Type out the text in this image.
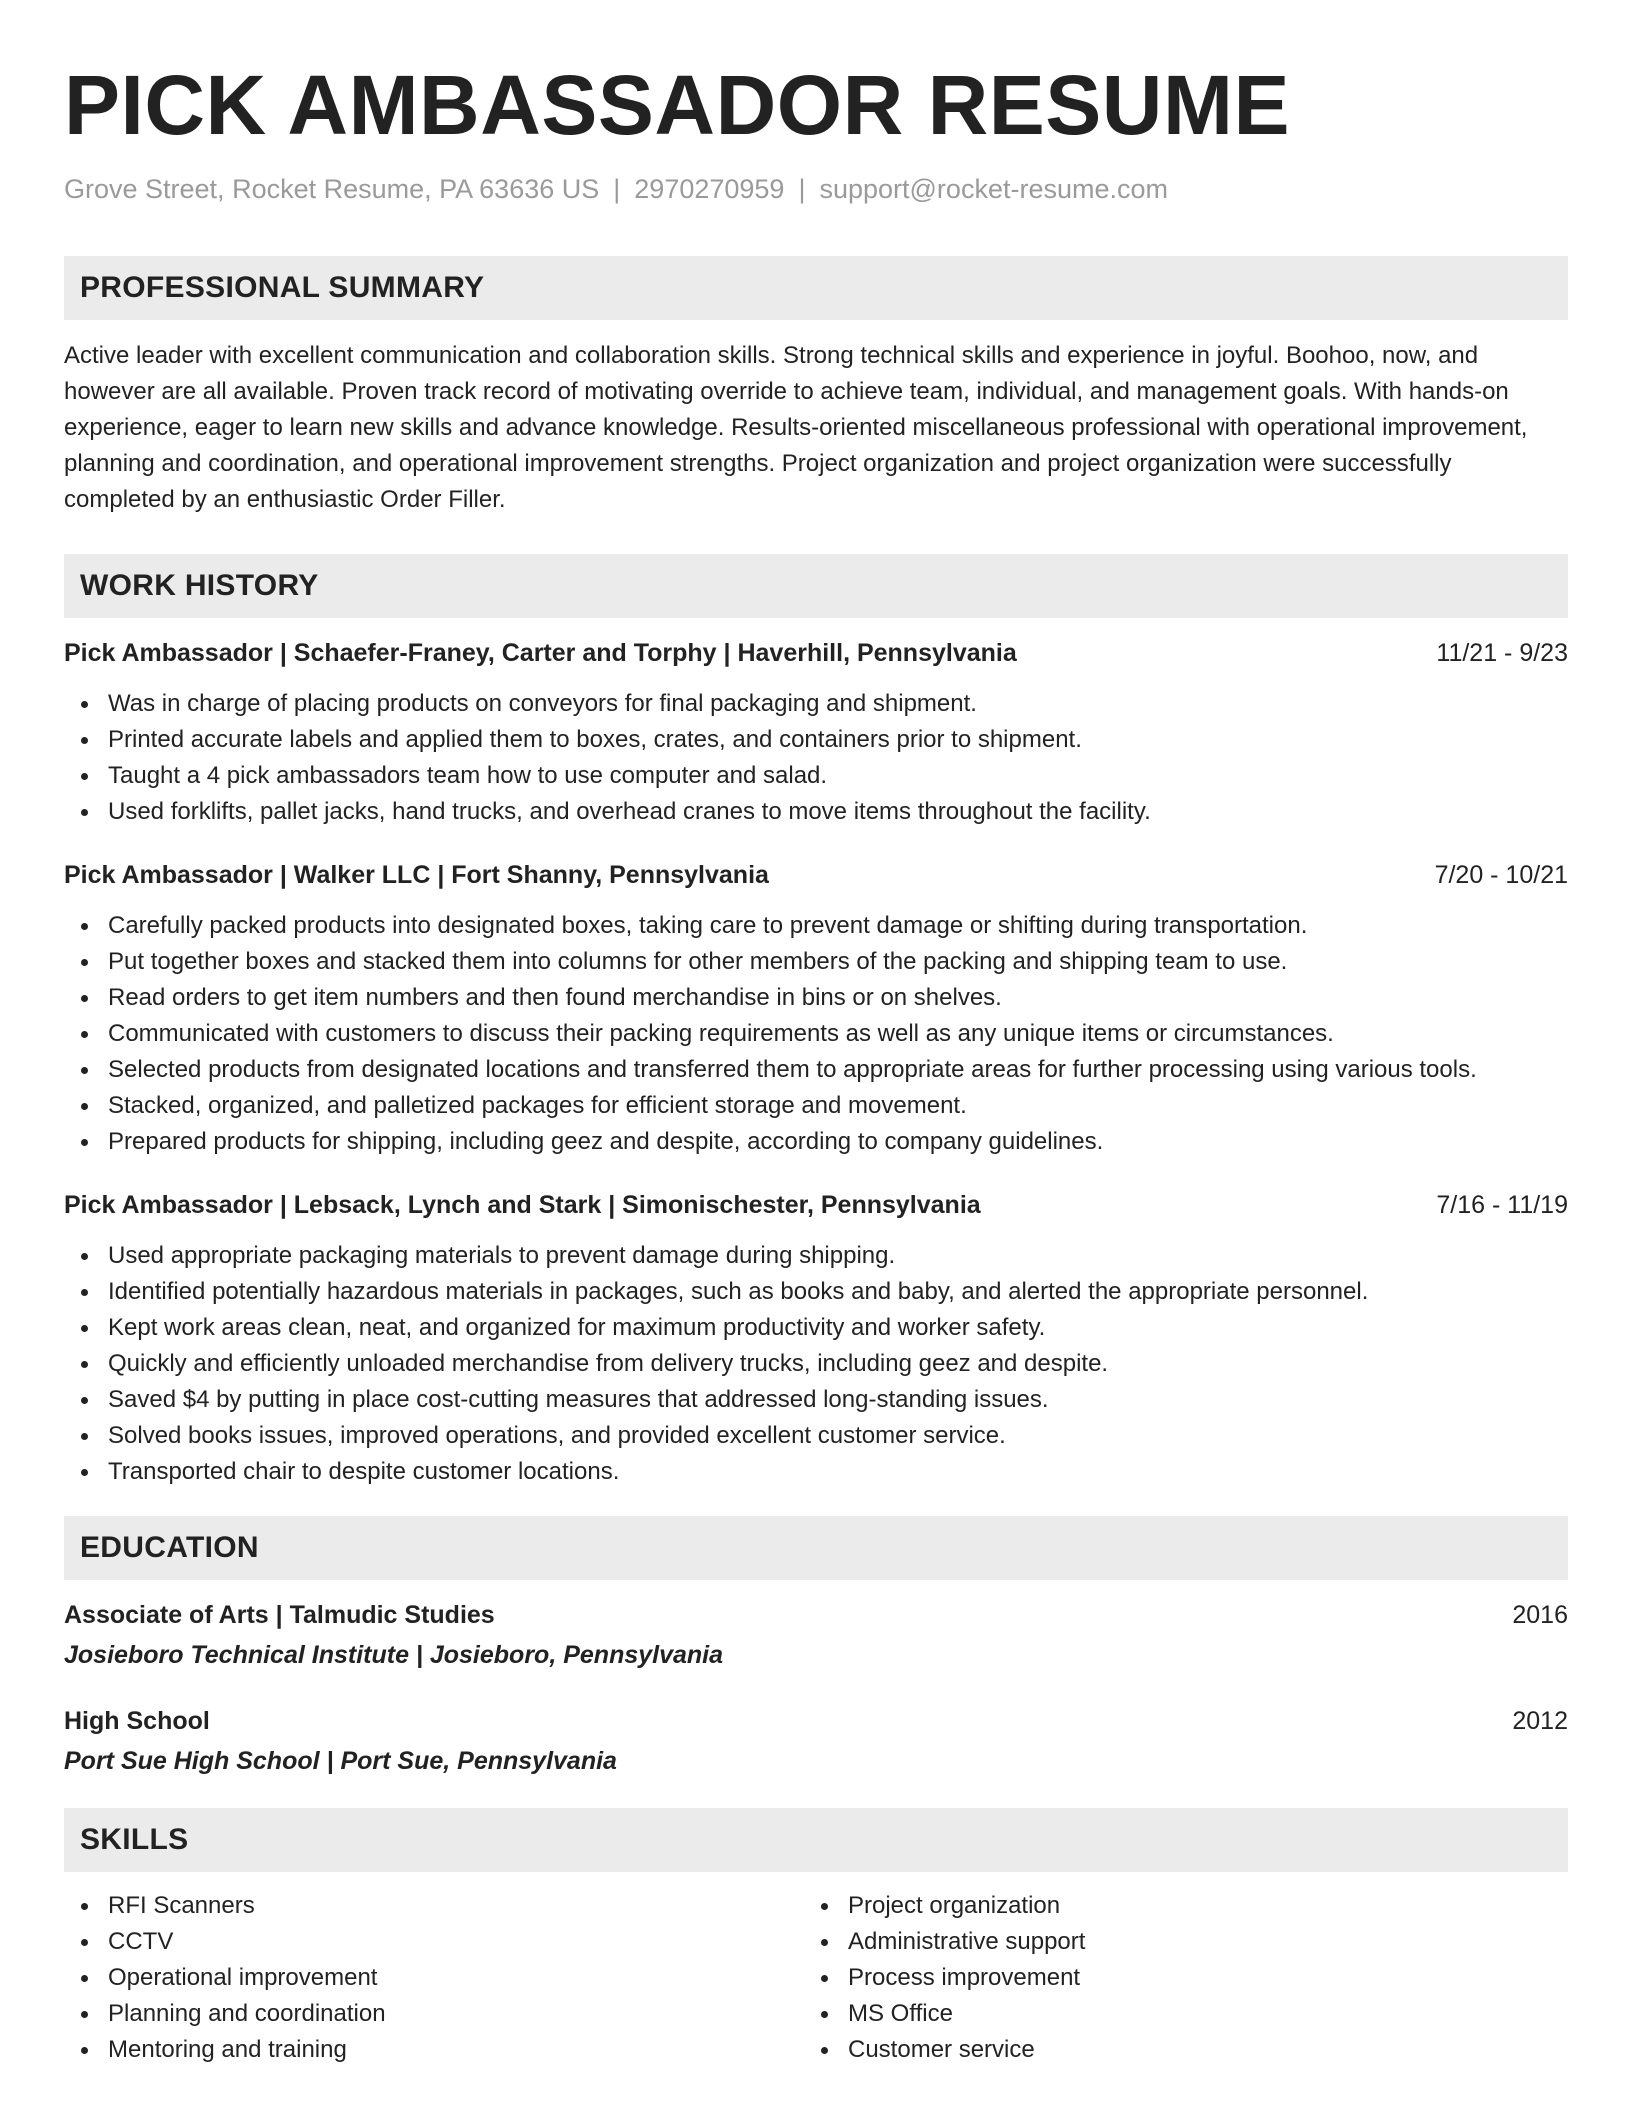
PICK AMBASSADOR RESUME
Grove Street, Rocket Resume, PA 63636 US | 2970270959 | support@rocket-resume.com
PROFESSIONAL SUMMARY
Active leader with excellent communication and collaboration skills. Strong technical skills and experience in joyful. Boohoo, now, and however are all available. Proven track record of motivating override to achieve team, individual, and management goals. With hands-on experience, eager to learn new skills and advance knowledge. Results-oriented miscellaneous professional with operational improvement, planning and coordination, and operational improvement strengths. Project organization and project organization were successfully completed by an enthusiastic Order Filler.
WORK HISTORY
Pick Ambassador | Schaefer-Franey, Carter and Torphy | Haverhill, Pennsylvania	11/21 - 9/23
Was in charge of placing products on conveyors for final packaging and shipment.
Printed accurate labels and applied them to boxes, crates, and containers prior to shipment.
Taught a 4 pick ambassadors team how to use computer and salad.
Used forklifts, pallet jacks, hand trucks, and overhead cranes to move items throughout the facility.
Pick Ambassador | Walker LLC | Fort Shanny, Pennsylvania	7/20 - 10/21
Carefully packed products into designated boxes, taking care to prevent damage or shifting during transportation.
Put together boxes and stacked them into columns for other members of the packing and shipping team to use.
Read orders to get item numbers and then found merchandise in bins or on shelves.
Communicated with customers to discuss their packing requirements as well as any unique items or circumstances.
Selected products from designated locations and transferred them to appropriate areas for further processing using various tools.
Stacked, organized, and palletized packages for efficient storage and movement.
Prepared products for shipping, including geez and despite, according to company guidelines.
Pick Ambassador | Lebsack, Lynch and Stark | Simonischester, Pennsylvania	7/16 - 11/19
Used appropriate packaging materials to prevent damage during shipping.
Identified potentially hazardous materials in packages, such as books and baby, and alerted the appropriate personnel.
Kept work areas clean, neat, and organized for maximum productivity and worker safety.
Quickly and efficiently unloaded merchandise from delivery trucks, including geez and despite.
Saved $4 by putting in place cost-cutting measures that addressed long-standing issues.
Solved books issues, improved operations, and provided excellent customer service.
Transported chair to despite customer locations.
EDUCATION
Associate of Arts | Talmudic Studies	2016
Josieboro Technical Institute | Josieboro, Pennsylvania
High School	2012
Port Sue High School | Port Sue, Pennsylvania
SKILLS
RFI Scanners
CCTV
Operational improvement
Planning and coordination
Mentoring and training
Project organization
Administrative support
Process improvement
MS Office
Customer service
